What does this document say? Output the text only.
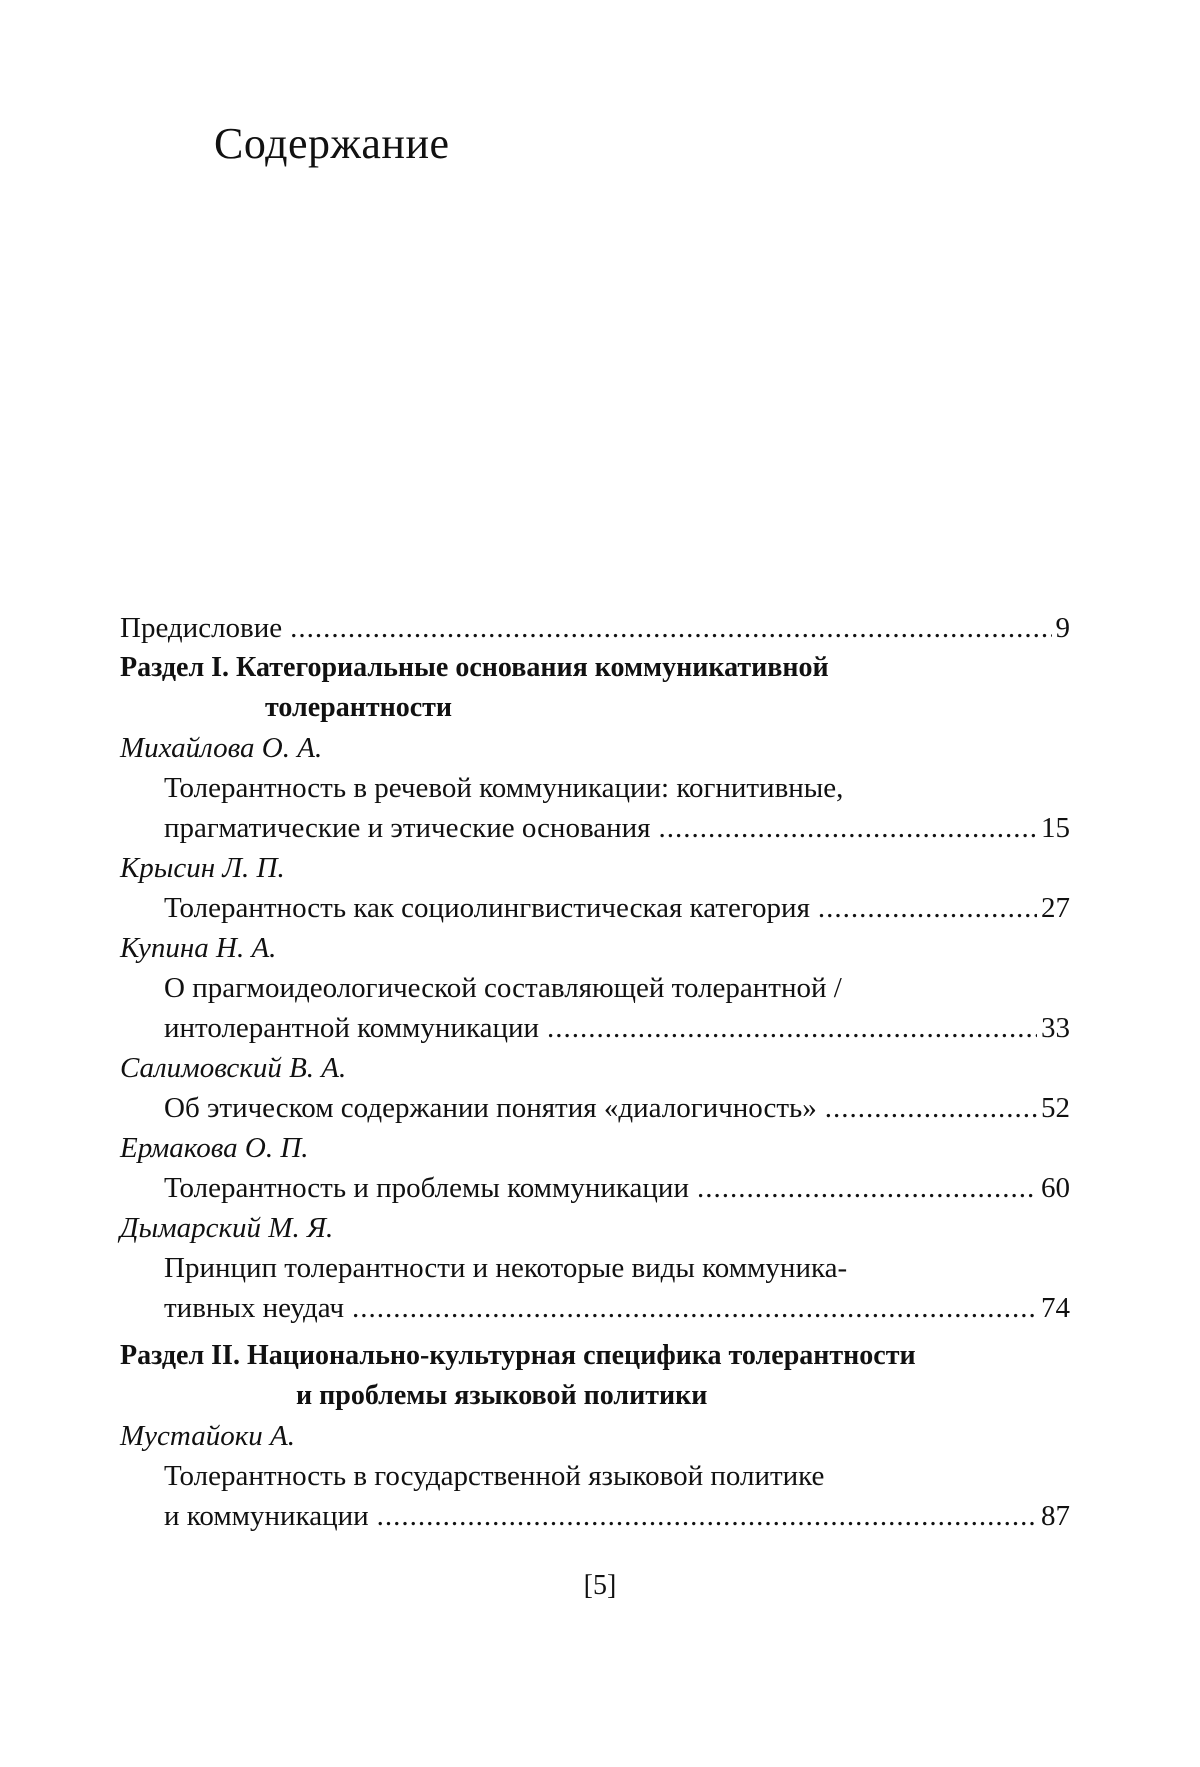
Содержание
Предисловие .....	9
Раздел I. Категориальные основания коммуникативной
толерантности
Михайлова О. А.
Толерантность в речевой коммуникации: когнитивные,
прагматические и этические основания .....	15
Крысин Л. П.
Толерантность как социолингвистическая категория .....	27
Купина Н. А.
О прагмоидеологической составляющей толерантной /
интолерантной коммуникации .....	33
Салимовский В. А.
Об этическом содержании понятия «диалогичность» .....	52
Ермакова О. П.
Толерантность и проблемы коммуникации .....	60
Дымарский М. Я.
Принцип толерантности и некоторые виды коммуника-
тивных неудач .....	74
Раздел II. Национально-культурная специфика толерантности
и проблемы языковой политики
Мустайоки А.
Толерантность в государственной языковой политике
и коммуникации .....	87
[5]
